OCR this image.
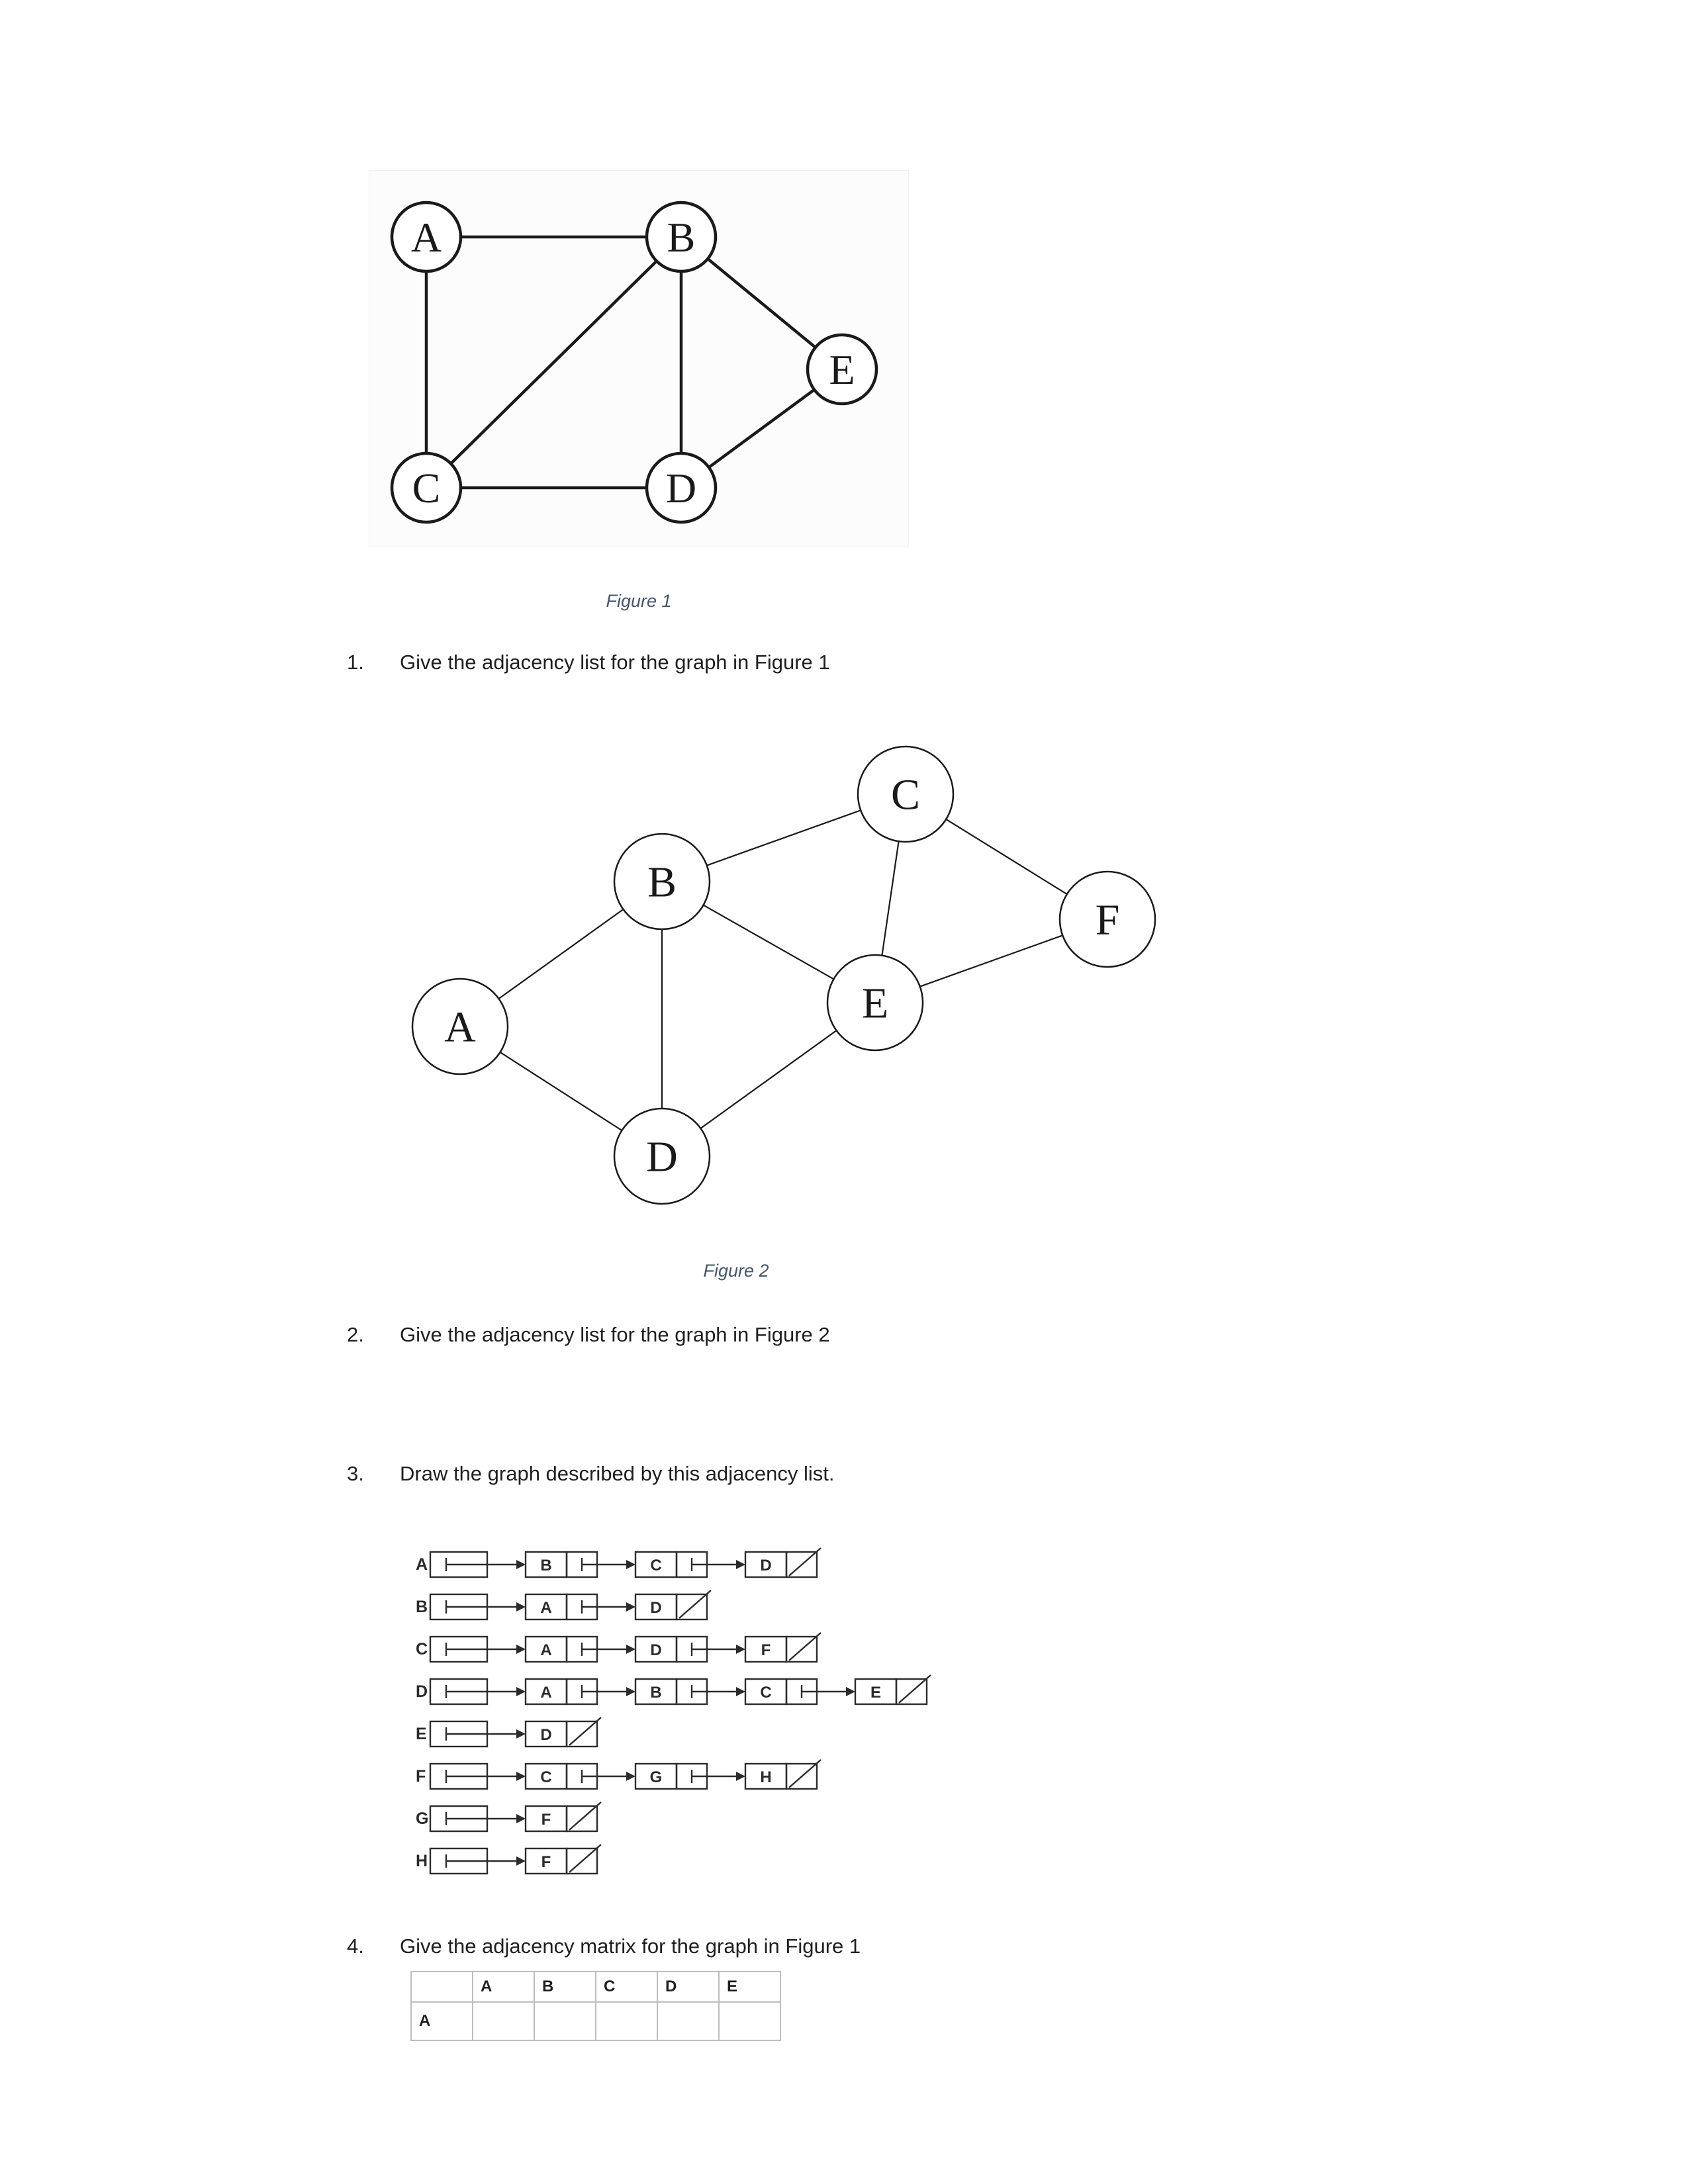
A	B
E
C	D
Figure 1
1.	Give the adjacency list for the graph in Figure 1
C
B
F
A	E
D
Figure 2
2.	Give the adjacency list for the graph in Figure 2
3.	Draw the graph described by this adjacency list.
A	B	C	D
B	A	D
C	A	D	F
D	A	B	C	E
E	D
F	C	G	H
G	F
H	F
4.	Give the adjacency matrix for the graph in Figure 1
	A	B	C	D	E
A					
